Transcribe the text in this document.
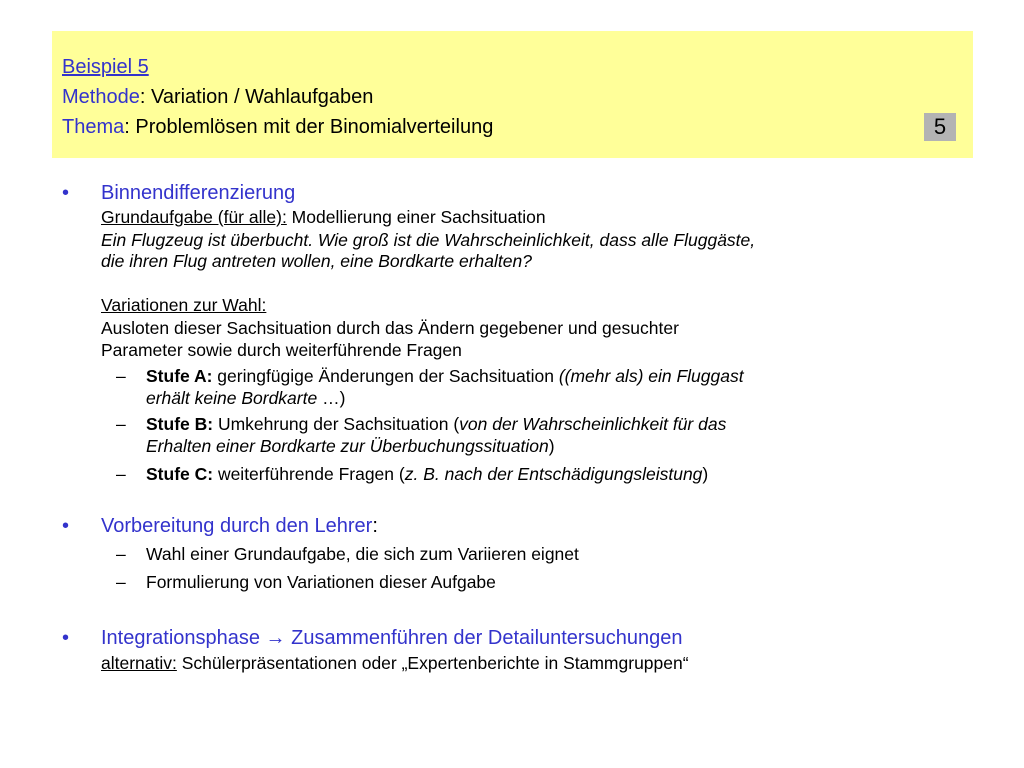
Beispiel 5
Methode: Variation / Wahlaufgaben
Thema: Problemlösen mit der Binomialverteilung	5
• Binnendifferenzierung
Grundaufgabe (für alle): Modellierung einer Sachsituation
Ein Flugzeug ist überbucht. Wie groß ist die Wahrscheinlichkeit, dass alle Fluggäste,
die ihren Flug antreten wollen, eine Bordkarte erhalten?
Variationen zur Wahl:
Ausloten dieser Sachsituation durch das Ändern gegebener und gesuchter
Parameter sowie durch weiterführende Fragen
– Stufe A: geringfügige Änderungen der Sachsituation ((mehr als) ein Fluggast
erhält keine Bordkarte …)
– Stufe B: Umkehrung der Sachsituation (von der Wahrscheinlichkeit für das
Erhalten einer Bordkarte zur Überbuchungssituation)
– Stufe C: weiterführende Fragen (z. B. nach der Entschädigungsleistung)
• Vorbereitung durch den Lehrer:
– Wahl einer Grundaufgabe, die sich zum Variieren eignet
– Formulierung von Variationen dieser Aufgabe
• Integrationsphase → Zusammenführen der Detailuntersuchungen
alternativ: Schülerpräsentationen oder „Expertenberichte in Stammgruppen“
